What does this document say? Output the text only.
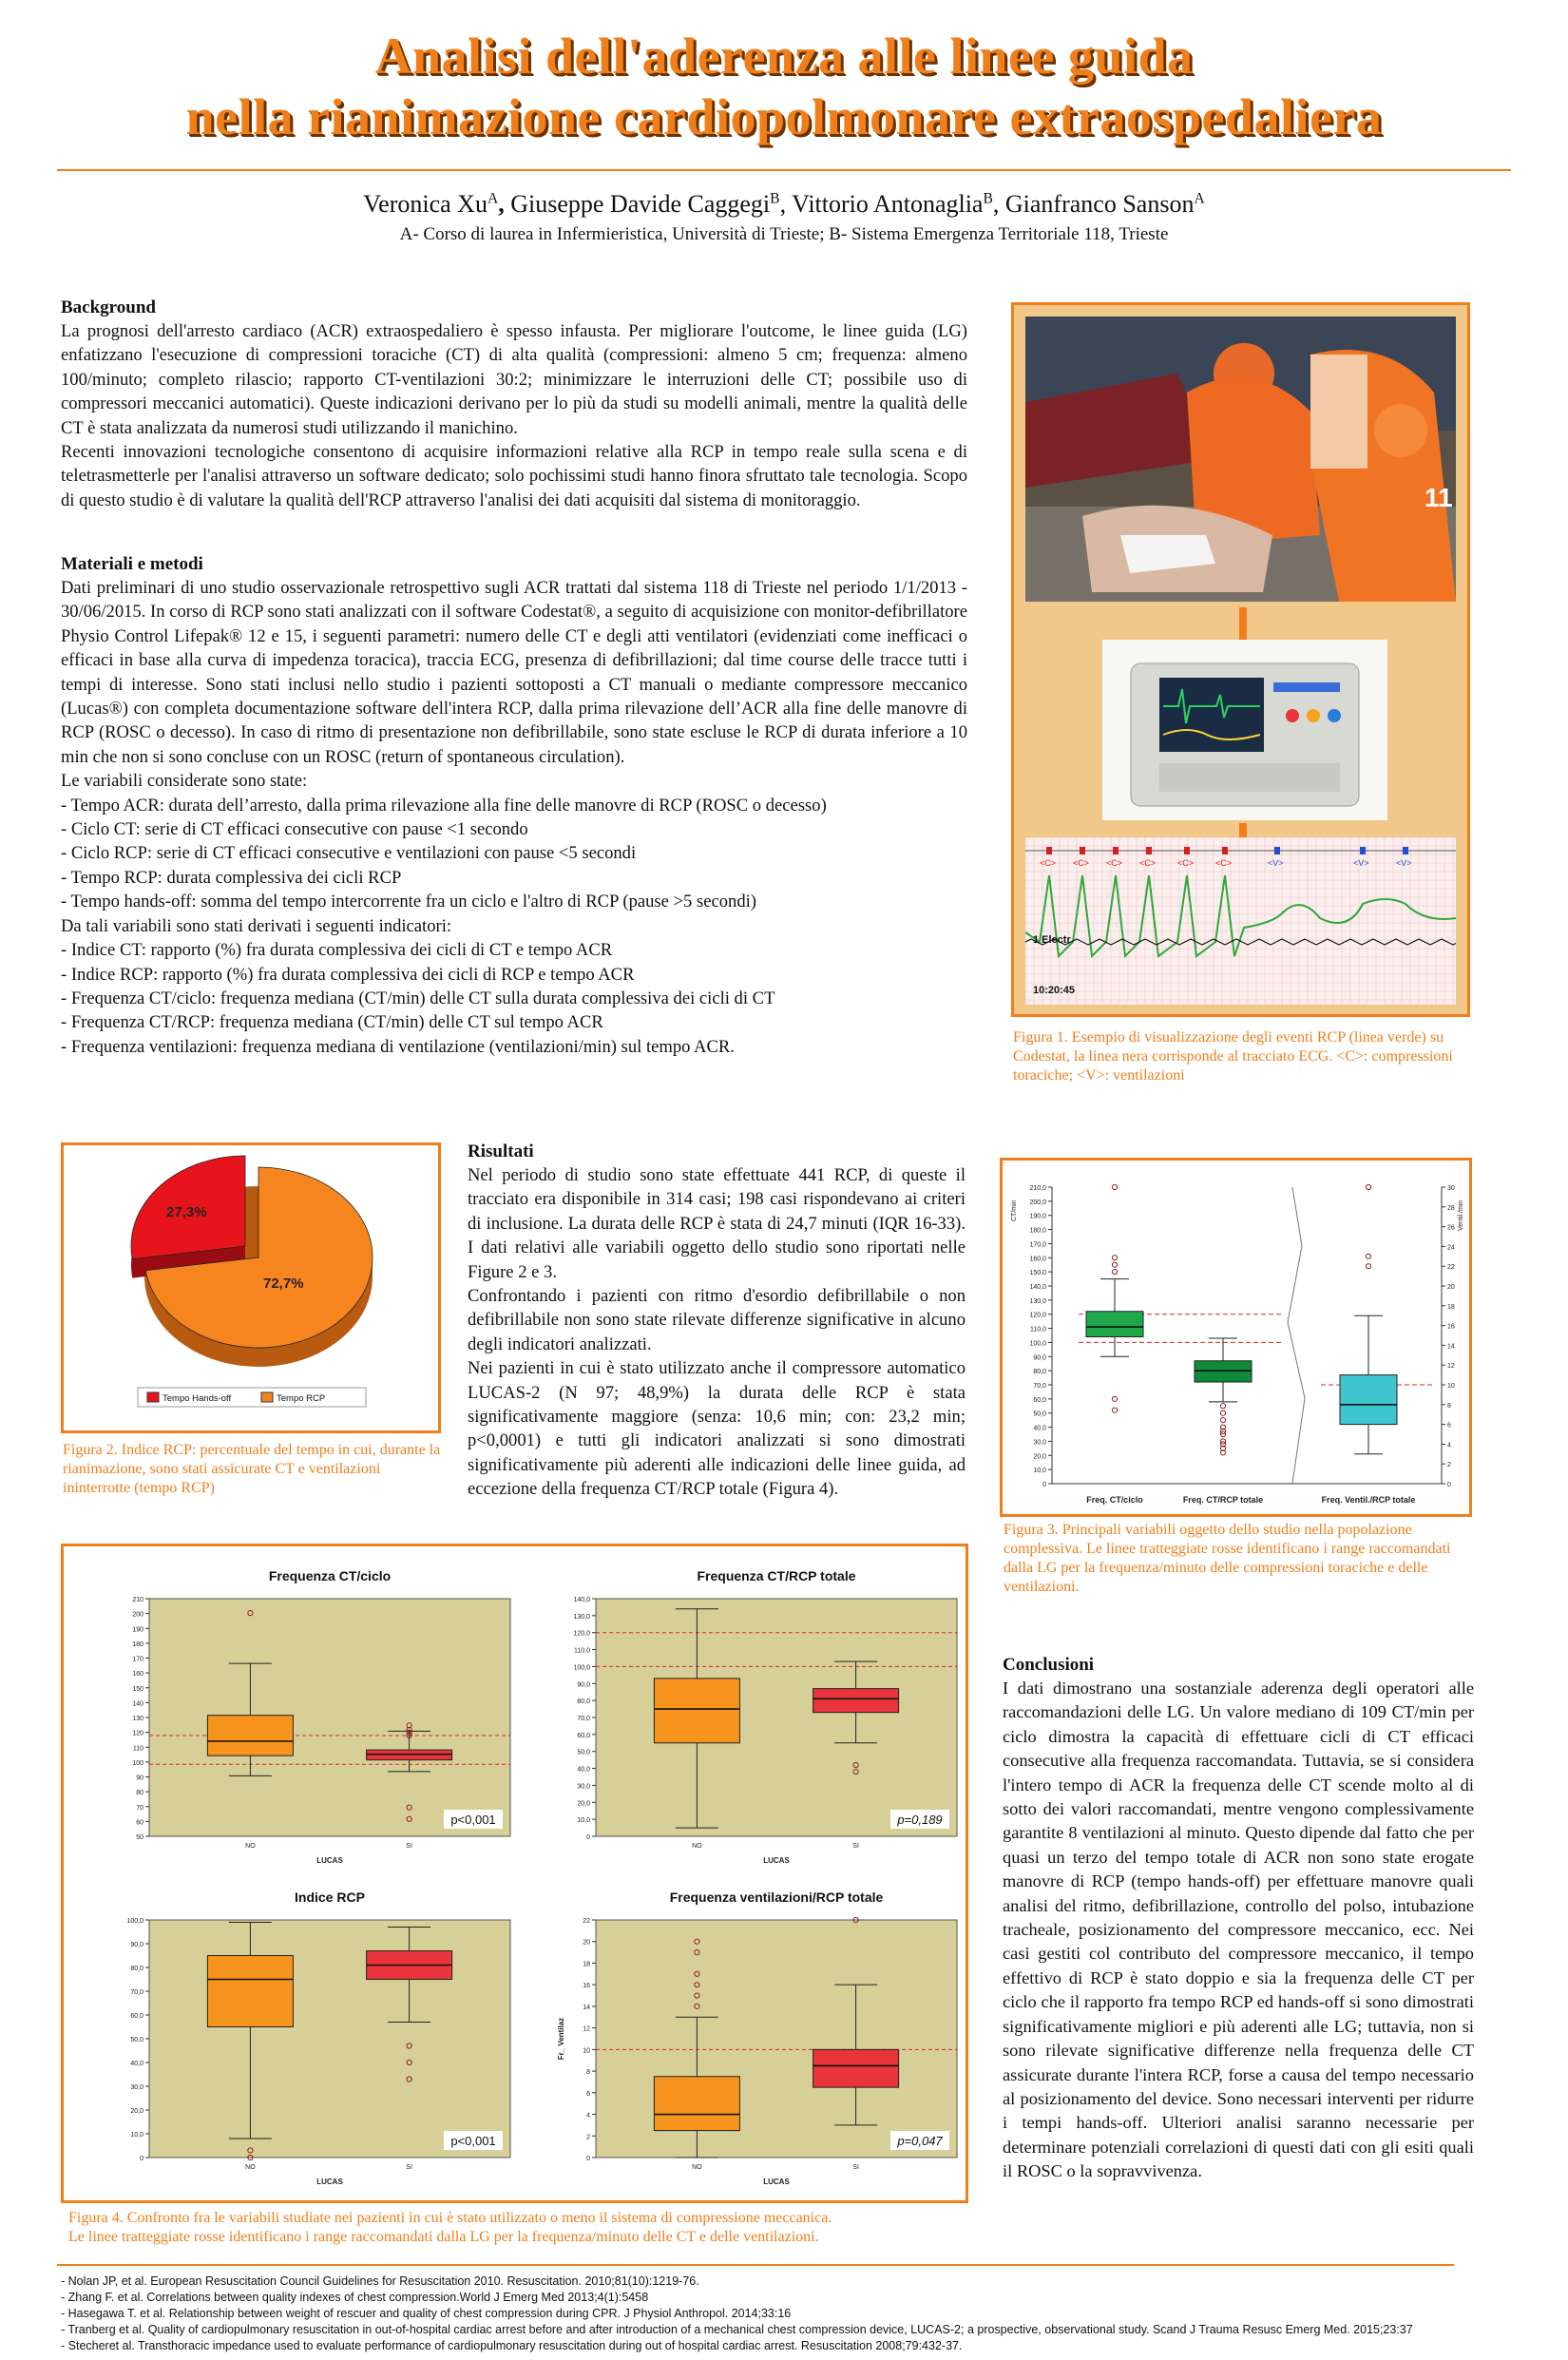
Analisi dell'aderenza alle linee guida
nella rianimazione cardiopolmonare extraospedaliera
Veronica $Xu^A$, Giuseppe Davide Caggegi$^B$, Vittorio Antonaglia$^B$, Gianfranco Sanson$^A$
A- Corso di laurea in Infermieristica, Università di Trieste; B- Sistema Emergenza Territoriale 118, Trieste
Background

La prognosi dell'arresto cardiaco (ACR) extraospedaliero è spesso infausta. Per migliorare l'outcome, le linee guida (LG) enfatizzano l'esecuzione di compressioni toraciche (CT) di alta qualità (compressioni: almeno 5 cm; frequenza: almeno 100/minuto; completo rilascio; rapporto CT-ventilazioni 30:2; minimizzare le interruzioni delle CT; possibile uso di compressori meccanici automatici). Queste indicazioni derivano per lo più da studi su modelli animali, mentre la qualità delle CT è stata analizzata da numerosi studi utilizzando il manichino.

Recenti innovazioni tecnologiche consentono di acquisire informazioni relative alla RCP in tempo reale sulla scena e di teletrasmetterle per l'analisi attraverso un software dedicato; solo pochissimi studi hanno finora sfruttato tale tecnologia. Scopo di questo studio è di valutare la qualità dell'RCP attraverso l'analisi dei dati acquisiti dal sistema di monitoraggio.

Materiali e metodi

Dati preliminari di uno studio osservazionale retrospettivo sugli ACR trattati dal sistema 118 di Trieste nel periodo 1/1/2013 - 30/06/2015. In corso di RCP sono stati analizzati con il software Codestat®, a seguito di acquisizione con monitor-defibrillatore Physio Control Lifepak® 12 e 15, i seguenti parametri: numero delle CT e degli atti ventilatori (evidenziati come inefficaci o efficaci in base alla curva di impedenza toracica), traccia ECG, presenza di defibrillazioni; dal time course delle tracce tutti i tempi di interesse. Sono stati inclusi nello studio i pazienti sottoposti a CT manuali o mediante compressore meccanico (Lucas®) con completa documentazione software dell'intera RCP, dalla prima rilevazione dell’ACR alla fine delle manovre di RCP (ROSC o decesso). In caso di ritmo di presentazione non defibrillabile, sono state escluse le RCP di durata inferiore a 10 min che non si sono concluse con un ROSC (return of spontaneous circulation).

Le variabili considerate sono state:

- Tempo ACR: durata dell’arresto, dalla prima rilevazione alla fine delle manovre di RCP (ROSC o decesso)

- Ciclo CT: serie di CT efficaci consecutive con pause <1 secondo

- Ciclo RCP: serie di CT efficaci consecutive e ventilazioni con pause <5 secondi

- Tempo RCP: durata complessiva dei cicli RCP

- Tempo hands-off: somma del tempo intercorrente fra un ciclo e l'altro di RCP (pause >5 secondi)

Da tali variabili sono stati derivati i seguenti indicatori:

- Indice CT: rapporto (%) fra durata complessiva dei cicli di CT e tempo ACR

- Indice RCP: rapporto (%) fra durata complessiva dei cicli di RCP e tempo ACR

- Frequenza CT/ciclo: frequenza mediana (CT/min) delle CT sulla durata complessiva dei cicli di CT

- Frequenza CT/RCP: frequenza mediana (CT/min) delle CT sul tempo ACR

- Frequenza ventilazioni: frequenza mediana di ventilazione (ventilazioni/min) sul tempo ACR.

11
<C> <C> <C> <C>	<C>	<C>	<V>	<V>	<V>
10:20:45
1 Electr
Figura 1. Esempio di visualizzazione degli eventi RCP (linea verde) su Codestat, la linea nera corrisponde al tracciato ECG. <C>: compressioni toraciche; <V>: ventilazioni
27,3%
72,7%
Tempo Hands-off	Tempo RCP
Figura 2. Indice RCP: percentuale del tempo in cui, durante la rianimazione, sono stati assicurate CT e ventilazioni ininterrotte (tempo RCP)
Risultati

Nel periodo di studio sono state effettuate 441 RCP, di queste il tracciato era disponibile in 314 casi; 198 casi rispondevano ai criteri di inclusione. La durata delle RCP è stata di 24,7 minuti (IQR 16-33). I dati relativi alle variabili oggetto dello studio sono riportati nelle Figure 2 e 3.

Confrontando i pazienti con ritmo d'esordio defibrillabile o non defibrillabile non sono state rilevate differenze significative in alcuno degli indicatori analizzati.

Nei pazienti in cui è stato utilizzato anche il compressore automatico LUCAS-2 (N 97; 48,9%) la durata delle RCP è stata significativamente maggiore (senza: 10,6 min; con: 23,2 min; p<0,0001) e tutti gli indicatori analizzati si sono dimostrati significativamente più aderenti alle indicazioni delle linee guida, ad eccezione della frequenza CT/RCP totale (Figura 4).	0
10,0
20,0
30,0
40,0
50,0
60,0
70,0
80,0
90,0
100,0
110,0
120,0
130,0
140,0
150,0
160,0
170,0
180,0
190,0
200,0
210,0
0
2
4
6
8
10
12
14
16
18
20
22
24
26
28
30
CT/min	Ventil./min
Freq. CT/ciclo	Freq. CT/RCP totale	Freq. Ventil./RCP totale
Figura 3. Principali variabili oggetto dello studio nella popolazione complessiva. Le linee tratteggiate rosse identificano i range raccomandati dalla LG per la frequenza/minuto delle compressioni toraciche e delle ventilazioni.
Frequenza CT/ciclo
50
60
70
80
90
100
110
120
130
140
150
160
170
180
190
200
210
NO	SI
LUCAS
p<0,001
Frequenza CT/RCP totale
0
10,0
20,0
30,0
40,0
50,0
60,0
70,0
80,0
90,0
100,0
110,0
120,0
130,0
140,0
NO	SI
LUCAS
p=0,189
Indice RCP
0
10,0
20,0
30,0
40,0
50,0
60,0
70,0
80,0
90,0
100,0
NO	SI
LUCAS
p<0,001
Frequenza ventilazioni/RCP totale
0
2
4
6
8
10
12
14
16
18
20
22
Fr_ Ventilaz
NO	SI
LUCAS
p=0,047
Figura 4. Confronto fra le variabili studiate nei pazienti in cui è stato utilizzato o meno il sistema di compressione meccanica.
Le linee tratteggiate rosse identificano i range raccomandati dalla LG per la frequenza/minuto delle CT e delle ventilazioni.
Conclusioni

I dati dimostrano una sostanziale aderenza degli operatori alle raccomandazioni delle LG. Un valore mediano di 109 CT/min per ciclo dimostra la capacità di effettuare cicli di CT efficaci consecutive alla frequenza raccomandata. Tuttavia, se si considera l'intero tempo di ACR la frequenza delle CT scende molto al di sotto dei valori raccomandati, mentre vengono complessivamente garantite 8 ventilazioni al minuto. Questo dipende dal fatto che per quasi un terzo del tempo totale di ACR non sono state erogate manovre di RCP (tempo hands-off) per effettuare manovre quali analisi del ritmo, defibrillazione, controllo del polso, intubazione tracheale, posizionamento del compressore meccanico, ecc. Nei casi gestiti col contributo del compressore meccanico, il tempo effettivo di RCP è stato doppio e sia la frequenza delle CT per ciclo che il rapporto fra tempo RCP ed hands-off si sono dimostrati significativamente migliori e più aderenti alle LG; tuttavia, non si sono rilevate significative differenze nella frequenza delle CT assicurate durante l'intera RCP, forse a causa del tempo necessario al posizionamento del device. Sono necessari interventi per ridurre i tempi hands-off. Ulteriori analisi saranno necessarie per determinare potenziali correlazioni di questi dati con gli esiti quali il ROSC o la sopravvivenza.

- Nolan JP, et al. European Resuscitation Council Guidelines for Resuscitation 2010. Resuscitation. 2010;81(10):1219-76.
- Zhang F. et al. Correlations between quality indexes of chest compression.World J Emerg Med 2013;4(1):5458
- Hasegawa T. et al. Relationship between weight of rescuer and quality of chest compression during CPR. J Physiol Anthropol. 2014;33:16
- Tranberg et al. Quality of cardiopulmonary resuscitation in out-of-hospital cardiac arrest before and after introduction of a mechanical chest compression device, LUCAS-2; a prospective, observational study. Scand J Trauma Resusc Emerg Med. 2015;23:37
- Stecheret al. Transthoracic impedance used to evaluate performance of cardiopulmonary resuscitation during out of hospital cardiac arrest. Resuscitation 2008;79:432-37.
